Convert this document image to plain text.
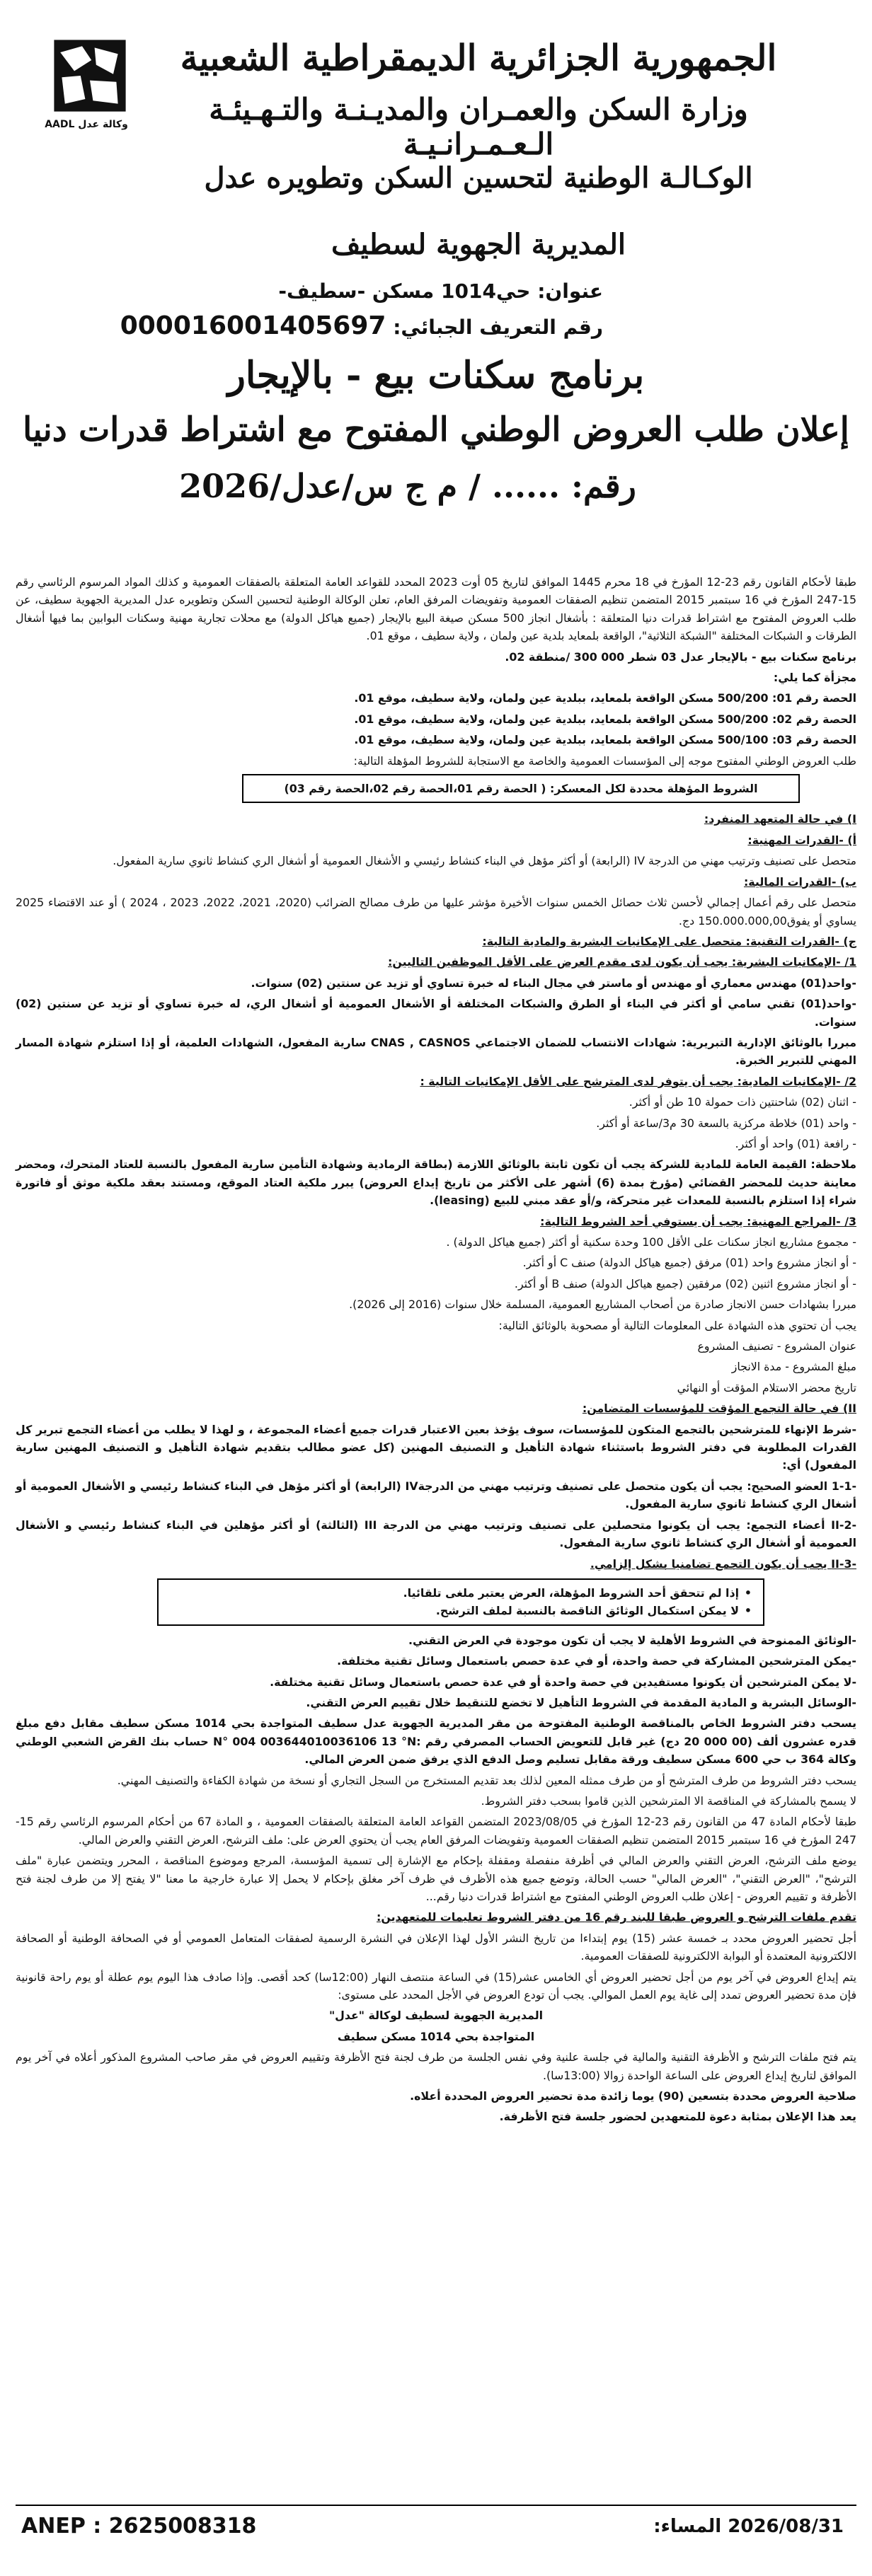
وكالة عدل AADL
الجمهورية الجزائرية الديمقراطية الشعبية
وزارة السكن والعمـران والمديـنـة والتـهـيئـة الـعـمـرانـيـة
الوكـالـة الوطنية لتحسين السكن وتطويره عدل
المديرية الجهوية لسطيف
عنوان: حي1014 مسكن -سطيف-
رقم التعريف الجبائي: 000016001405697
برنامج سكنات بيع - بالإيجار
إعلان طلب العروض الوطني المفتوح مع اشتراط قدرات دنيا
رقم: ...... / م ج س/عدل/2026

طبقا لأحكام القانون رقم 23-12 المؤرخ في 18 محرم 1445 الموافق لتاريخ 05 أوت 2023 المحدد للقواعد العامة المتعلقة بالصفقات العمومية و كذلك المواد المرسوم الرئاسي رقم 15-247 المؤرخ في 16 سبتمبر 2015 المتضمن تنظيم الصفقات العمومية وتفويضات المرفق العام، تعلن الوكالة الوطنية لتحسين السكن وتطويره عدل المديرية الجهوية سطيف، عن طلب العروض المفتوح مع اشتراط قدرات دنيا المتعلقة : بأشغال انجاز 500 مسكن صيغة البيع بالإيجار (جميع هياكل الدولة) مع محلات تجارية مهنية وسكنات البوابين بما فيها أشغال الطرقات و الشبكات المختلفة "الشبكة الثلاثية"، الواقعة بلمعايد بلدية عين ولمان ، ولاية سطيف ، موقع 01.

برنامج سكنات بيع - بالإيجار عدل 03 شطر 000 300 /منطقة 02.

مجزأة كما يلي:

الحصة رقم 01: 500/200 مسكن الواقعة بلمعايد، ببلدية عين ولمان، ولاية سطيف، موقع 01.

الحصة رقم 02: 500/200 مسكن الواقعة بلمعايد، ببلدية عين ولمان، ولاية سطيف، موقع 01.

الحصة رقم 03: 500/100 مسكن الواقعة بلمعايد، ببلدية عين ولمان، ولاية سطيف، موقع 01.

طلب العروض الوطني المفتوح موجه إلى المؤسسات العمومية والخاصة مع الاستجابة للشروط المؤهلة التالية:

الشروط المؤهلة محددة لكل المعسكر: ( الحصة رقم 01،الحصة رقم 02،الحصة رقم 03)

I) في حالة المتعهد المنفرد:

أ) -القدرات المهنية:

متحصل على تصنيف وترتيب مهني من الدرجة IV (الرابعة) أو أكثر مؤهل في البناء كنشاط رئيسي و الأشغال العمومية أو أشغال الري كنشاط ثانوي سارية المفعول.

ب) -القدرات المالية:

متحصل على رقم أعمال إجمالي لأحسن ثلاث حصائل الخمس سنوات الأخيرة مؤشر عليها من طرف مصالح الضرائب (2020، 2021، 2022، 2023 ، 2024 ) أو عند الاقتضاء 2025 يساوي أو يفوق150.000.000,00 دج.

ج) -القدرات التقنية: متحصل على الإمكانيات البشرية والمادية التالية:

1/ -الإمكانيات البشرية: يجب أن يكون لدى مقدم العرض على الأقل الموظفين التاليين:

-واحد(01) مهندس معماري أو مهندس أو ماستر في مجال البناء له خبرة تساوي أو تزيد عن سنتين (02) سنوات.

-واحد(01) تقني سامي أو أكثر في البناء أو الطرق والشبكات المختلفة أو الأشغال العمومية أو أشغال الري، له خبرة تساوي أو تزيد عن سنتين (02) سنوات.

مبررا بالوثائق الإدارية التبريرية: شهادات الانتساب للضمان الاجتماعي CNAS , CASNOS سارية المفعول، الشهادات العلمية، أو إذا استلزم شهادة المسار المهني للتبرير الخبرة.

2/ -الإمكانيات المادية: يجب أن يتوفر لدى المترشح على الأقل الإمكانيات التالية :

- اثنان (02) شاحنتين ذات حمولة 10 طن أو أكثر.

- واحد (01) خلاطة مركزية بالسعة 30 م3/ساعة أو أكثر.

- رافعة (01) واحد أو أكثر.

ملاحظة: القيمة العامة للمادية للشركة يجب أن تكون ثابتة بالوثائق اللازمة (بطاقة الرمادية وشهادة التأمين سارية المفعول بالنسبة للعتاد المتحرك، ومحضر معاينة حديث للمحضر القضائي (مؤرخ بمدة (6) أشهر على الأكثر من تاريخ إيداع العروض) يبرر ملكية العتاد الموقع، ومستند بعقد ملكية موثق أو فاتورة شراء إذا استلزم بالنسبة للمعدات غير متحركة، و/أو عقد مبني للبيع (leasing).

3/ -المراجع المهنية: يجب أن يستوفي أحد الشروط التالية:

- مجموع مشاريع انجاز سكنات على الأقل 100 وحدة سكنية أو أكثر (جميع هياكل الدولة) .

- أو انجاز مشروع واحد (01) مرفق (جميع هياكل الدولة) صنف C أو أكثر.

- أو انجاز مشروع اثنين (02) مرفقين (جميع هياكل الدولة) صنف B أو أكثر.

مبررا بشهادات حسن الانجاز صادرة من أصحاب المشاريع العمومية، المسلمة خلال سنوات (2016 إلى 2026).

يجب أن تحتوي هذه الشهادة على المعلومات التالية أو مصحوبة بالوثائق التالية:

عنوان المشروع - تصنيف المشروع

مبلغ المشروع - مدة الانجاز

تاريخ محضر الاستلام المؤقت أو النهائي

II) في حالة التجمع المؤقت للمؤسسات المتضامن:

-شرط الإنهاء للمترشحين بالتجمع المتكون للمؤسسات، سوف يؤخذ بعين الاعتبار قدرات جميع أعضاء المجموعة ، و لهذا لا يطلب من أعضاء التجمع تبرير كل القدرات المطلوبة في دفتر الشروط باستثناء شهادة التأهيل و التصنيف المهنين (كل عضو مطالب بتقديم شهادة التأهيل و التصنيف المهنين سارية المفعول) أي:

-1-1 العضو الصحيح: يجب أن يكون متحصل على تصنيف وترتيب مهني من الدرجةIV (الرابعة) أو أكثر مؤهل في البناء كنشاط رئيسي و الأشغال العمومية أو أشغال الري كنشاط ثانوي سارية المفعول.

-2-II أعضاء التجمع: يجب أن يكونوا متحصلين على تصنيف وترتيب مهني من الدرجة III (الثالثة) أو أكثر مؤهلين في البناء كنشاط رئيسي و الأشغال العمومية أو أشغال الري كنشاط ثانوي سارية المفعول.

-3-II يجب أن يكون التجمع تضامنيا بشكل إلزامي.

• إذا لم تتحقق أحد الشروط المؤهلة، العرض يعتبر ملغى تلقائيا.
• لا يمكن استكمال الوثائق الناقصة بالنسبة لملف الترشح.

-الوثائق الممنوحة في الشروط الأهلية لا يجب أن تكون موجودة في العرض التقني.

-يمكن المترشحين المشاركة في حصة واحدة، أو في عدة حصص باستعمال وسائل تقنية مختلفة.

-لا يمكن المترشحين أن يكونوا مستفيدين في حصة واحدة أو في عدة حصص باستعمال وسائل تقنية مختلفة.

-الوسائل البشرية و المادية المقدمة في الشروط التأهيل لا تخضع للتنقيط خلال تقييم العرض التقني.

يسحب دفتر الشروط الخاص بالمناقصة الوطنية المفتوحة من مقر المديرية الجهوية عدل سطيف المتواجدة بحي 1014 مسكن سطيف مقابل دفع مبلغ قدره عشرون ألف (00 000 20 دج) غير قابل للتعويض الحساب المصرفي رقم :N° 004 003644010036106 13 °N حساب بنك القرض الشعبي الوطني وكالة 364 ب حي 600 مسكن سطيف ورقة مقابل تسليم وصل الدفع الذي يرفق ضمن العرض المالي.

يسحب دفتر الشروط من طرف المترشح أو من طرف ممثله المعين لذلك بعد تقديم المستخرج من السجل التجاري أو نسخة من شهادة الكفاءة والتصنيف المهني.

لا يسمح بالمشاركة في المناقصة الا المترشحين الذين قاموا بسحب دفتر الشروط.

طبقا لأحكام المادة 47 من القانون رقم 23-12 المؤرخ في 2023/08/05 المتضمن القواعد العامة المتعلقة بالصفقات العمومية ، و المادة 67 من أحكام المرسوم الرئاسي رقم 15-247 المؤرخ في 16 سبتمبر 2015 المتضمن تنظيم الصفقات العمومية وتفويضات المرفق العام يجب أن يحتوي العرض على: ملف الترشح، العرض التقني والعرض المالي.

يوضع ملف الترشح، العرض التقني والعرض المالي في أظرفة منفصلة ومقفلة بإحكام مع الإشارة إلى تسمية المؤسسة، المرجع وموضوع المناقصة ، المحرر ويتضمن عبارة "ملف الترشح"، "العرض التقني"، "العرض المالي" حسب الحالة، وتوضع جميع هذه الأظرف في ظرف آخر مغلق بإحكام لا يحمل إلا عبارة خارجية ما معنا "لا يفتح إلا من طرف لجنة فتح الأظرفة و تقييم العروض - إعلان طلب العروض الوطني المفتوح مع اشتراط قدرات دنيا رقم...

تقدم ملفات الترشح و العروض طبقا للبند رقم 16 من دفتر الشروط تعليمات للمتعهدين:

أجل تحضير العروض محدد بـ خمسة عشر (15) يوم إبتداءا من تاريخ النشر الأول لهذا الإعلان في النشرة الرسمية لصفقات المتعامل العمومي أو في الصحافة الوطنية أو الصحافة الالكترونية المعتمدة أو البوابة الالكترونية للصفقات العمومية.

يتم إيداع العروض في آخر يوم من أجل تحضير العروض أي الخامس عشر(15) في الساعة منتصف النهار (12:00سا) كحد أقصى. وإذا صادف هذا اليوم يوم عطلة أو يوم راحة قانونية فإن مدة تحضير العروض تمدد إلى غاية يوم العمل الموالي. يجب أن تودع العروض في الأجل المحدد على مستوى:

المديرية الجهوية لسطيف لوكالة "عدل"

المتواجدة بحي 1014 مسكن سطيف

يتم فتح ملفات الترشح و الأظرفة التقنية والمالية في جلسة علنية وفي نفس الجلسة من طرف لجنة فتح الأظرفة وتقييم العروض في مقر صاحب المشروع المذكور أعلاه في آخر يوم الموافق لتاريخ إيداع العروض على الساعة الواحدة زوالا (13:00سا).

صلاحية العروض محددة بتسعين (90) يوما زائدة مدة تحضير العروض المحددة أعلاه.

يعد هذا الإعلان بمثابة دعوة للمتعهدين لحضور جلسة فتح الأظرفة.

ANEP : 2625008318	2026/08/31 المساء:
